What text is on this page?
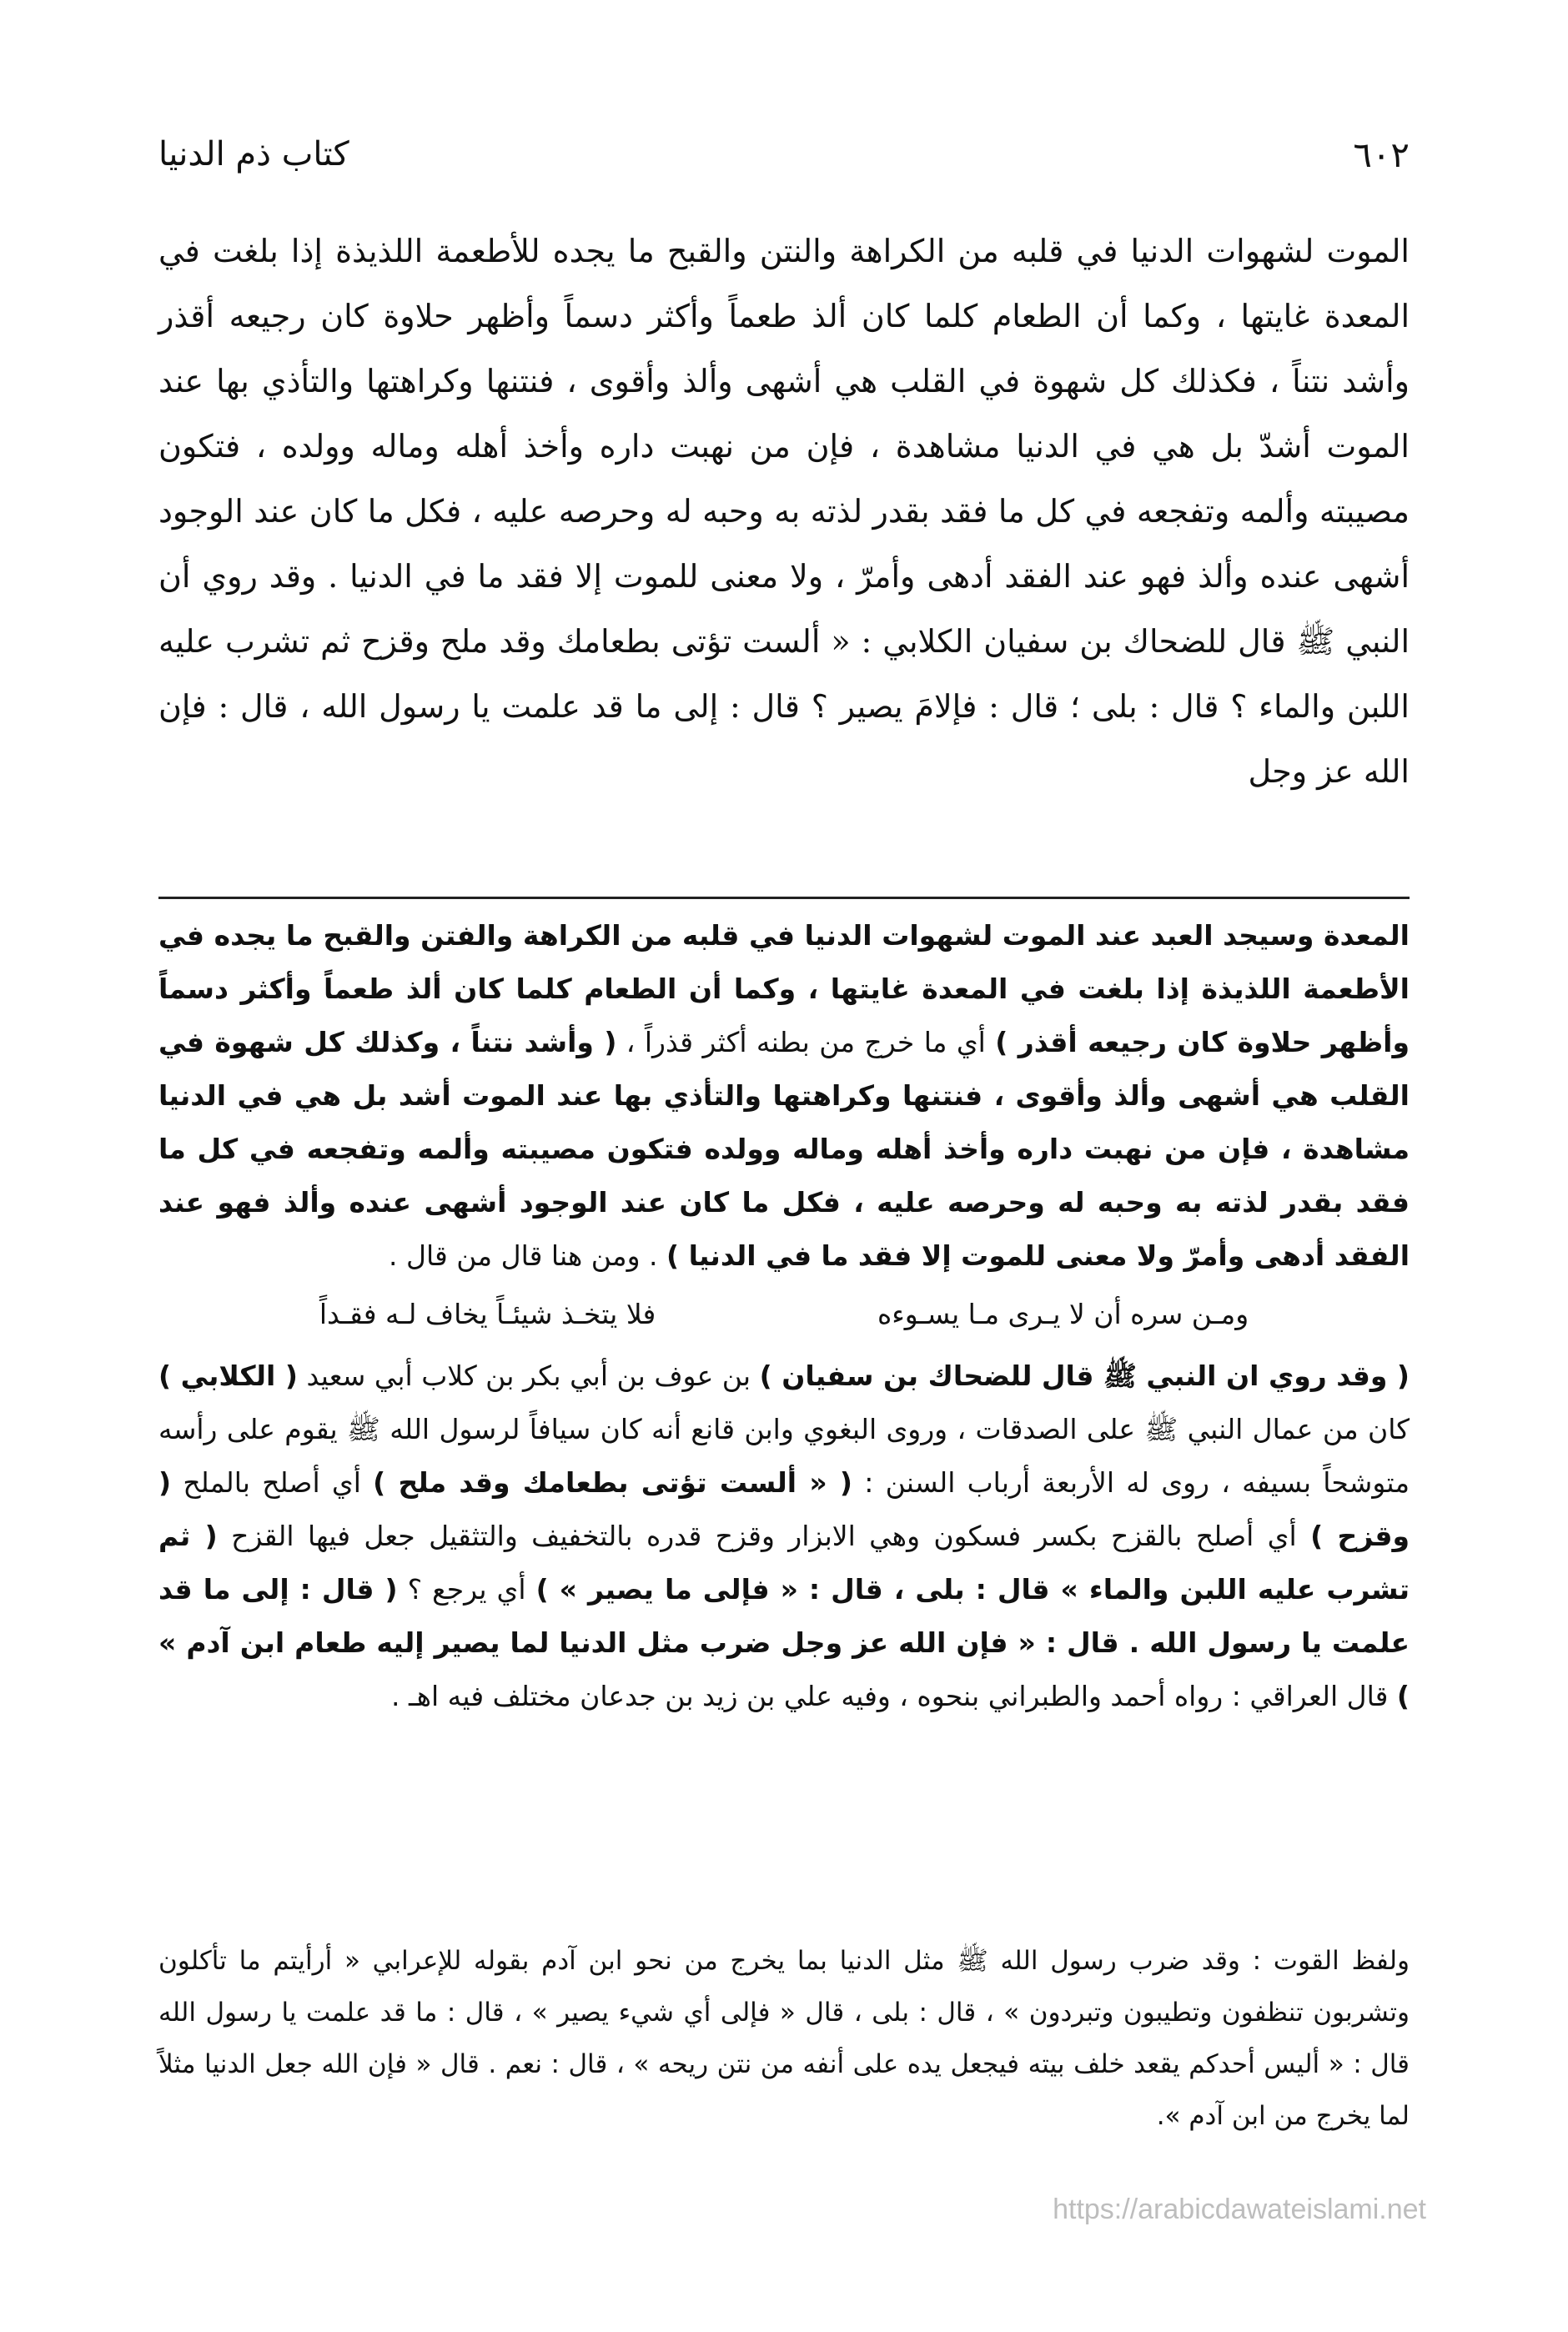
٦٠٢
كتاب ذم الدنيا

الموت لشهوات الدنيا في قلبه من الكراهة والنتن والقبح ما يجده للأطعمة اللذيذة إذا بلغت في المعدة غايتها ، وكما أن الطعام كلما كان ألذ طعماً وأكثر دسماً وأظهر حلاوة كان رجيعه أقذر وأشد نتناً ، فكذلك كل شهوة في القلب هي أشهى وألذ وأقوى ، فنتنها وكراهتها والتأذي بها عند الموت أشدّ بل هي في الدنيا مشاهدة ، فإن من نهبت داره وأخذ أهله وماله وولده ، فتكون مصيبته وألمه وتفجعه في كل ما فقد بقدر لذته به وحبه له وحرصه عليه ، فكل ما كان عند الوجود أشهى عنده وألذ فهو عند الفقد أدهى وأمرّ ، ولا معنى للموت إلا فقد ما في الدنيا . وقد روي أن النبي ﷺ قال للضحاك بن سفيان الكلابي : « ألست تؤتى بطعامك وقد ملح وقزح ثم تشرب عليه اللبن والماء ؟ قال : بلى ؛ قال : فإلامَ يصير ؟ قال : إلى ما قد علمت يا رسول الله ، قال : فإن الله عز وجل

المعدة وسيجد العبد عند الموت لشهوات الدنيا في قلبه من الكراهة والفتن والقبح ما يجده في الأطعمة اللذيذة إذا بلغت في المعدة غايتها ، وكما أن الطعام كلما كان ألذ طعماً وأكثر دسماً وأظهر حلاوة كان رجيعه أقذر ) أي ما خرج من بطنه أكثر قذراً ، ( وأشد نتناً ، وكذلك كل شهوة في القلب هي أشهى وألذ وأقوى ، فنتنها وكراهتها والتأذي بها عند الموت أشد بل هي في الدنيا مشاهدة ، فإن من نهبت داره وأخذ أهله وماله وولده فتكون مصيبته وألمه وتفجعه في كل ما فقد بقدر لذته به وحبه له وحرصه عليه ، فكل ما كان عند الوجود أشهى عنده وألذ فهو عند الفقد أدهى وأمرّ ولا معنى للموت إلا فقد ما في الدنيا ) . ومن هنا قال من قال .

ومـن سره أن لا يـرى مـا يسـوءه
فلا يتخـذ شيئـاً يخاف لـه فقـداً

( وقد روي ان النبي ﷺ قال للضحاك بن سفيان ) بن عوف بن أبي بكر بن كلاب أبي سعيد ( الكلابي ) كان من عمال النبي ﷺ على الصدقات ، وروى البغوي وابن قانع أنه كان سيافاً لرسول الله ﷺ يقوم على رأسه متوشحاً بسيفه ، روى له الأربعة أرباب السنن : ( « ألست تؤتى بطعامك وقد ملح ) أي أصلح بالملح ( وقزح ) أي أصلح بالقزح بكسر فسكون وهي الابزار وقزح قدره بالتخفيف والتثقيل جعل فيها القزح ( ثم تشرب عليه اللبن والماء » قال : بلى ، قال : « فإلى ما يصير » ) أي يرجع ؟ ( قال : إلى ما قد علمت يا رسول الله . قال : « فإن الله عز وجل ضرب مثل الدنيا لما يصير إليه طعام ابن آدم » ) قال العراقي : رواه أحمد والطبراني بنحوه ، وفيه علي بن زيد بن جدعان مختلف فيه اهـ .

ولفظ القوت : وقد ضرب رسول الله ﷺ مثل الدنيا بما يخرج من نحو ابن آدم بقوله للإعرابي « أرأيتم ما تأكلون وتشربون تنظفون وتطيبون وتبردون » ، قال : بلى ، قال « فإلى أي شيء يصير » ، قال : ما قد علمت يا رسول الله قال : « أليس أحدكم يقعد خلف بيته فيجعل يده على أنفه من نتن ريحه » ، قال : نعم . قال « فإن الله جعل الدنيا مثلاً لما يخرج من ابن آدم ».

https://arabicdawateislami.net
